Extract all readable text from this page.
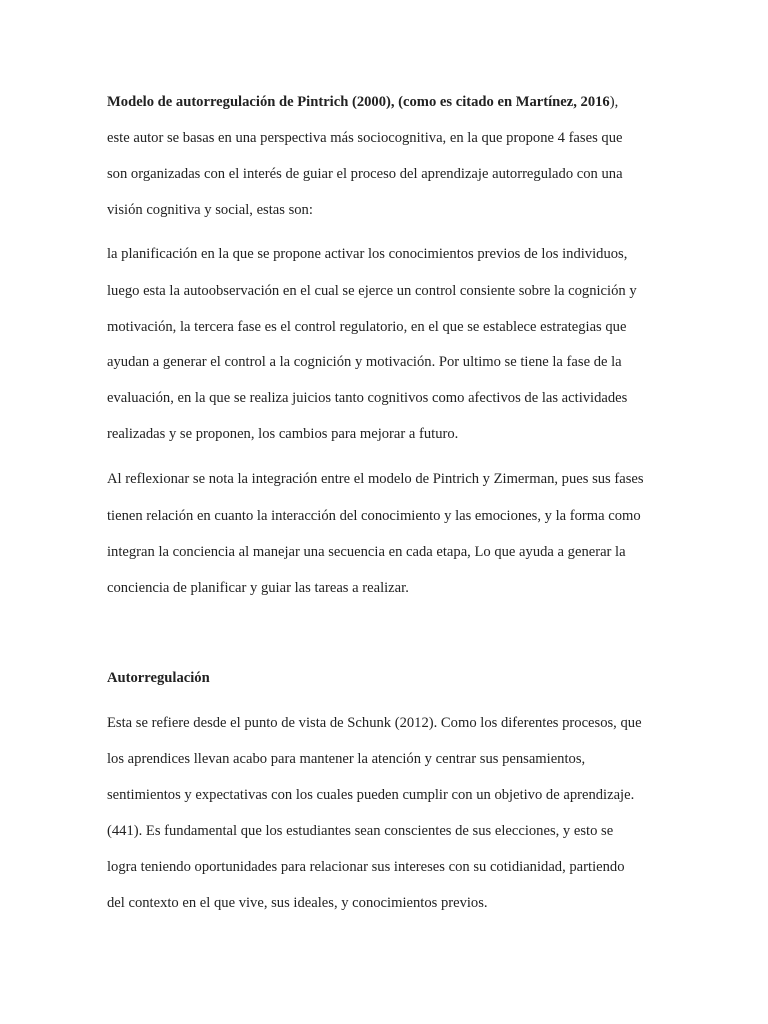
Modelo de autorregulación de Pintrich (2000), (como es citado en Martínez, 2016),
este autor se basas en una perspectiva más sociocognitiva, en la que propone 4 fases que
son organizadas con el interés de guiar el proceso del aprendizaje autorregulado con una
visión cognitiva y social, estas son:
la planificación en la que se propone activar los conocimientos previos de los individuos,
luego esta la autoobservación en el cual se ejerce un control consiente sobre la cognición y
motivación, la tercera fase es el control regulatorio, en el que se establece estrategias que
ayudan a generar el control a la cognición y motivación. Por ultimo se tiene la fase de la
evaluación, en la que se realiza juicios tanto cognitivos como afectivos de las actividades
realizadas y se proponen, los cambios para mejorar a futuro.
Al reflexionar se nota la integración entre el modelo de Pintrich y Zimerman, pues sus fases
tienen relación en cuanto la interacción del conocimiento y las emociones, y la forma como
integran la conciencia al manejar una secuencia en cada etapa, Lo que ayuda a generar la
conciencia de planificar y guiar las tareas a realizar.
Autorregulación
Esta se refiere desde el punto de vista de Schunk (2012). Como los diferentes procesos, que
los aprendices llevan acabo para mantener la atención y centrar sus pensamientos,
sentimientos y expectativas con los cuales pueden cumplir con un objetivo de aprendizaje.
(441). Es fundamental que los estudiantes sean conscientes de sus elecciones, y esto se
logra teniendo oportunidades para relacionar sus intereses con su cotidianidad, partiendo
del contexto en el que vive, sus ideales, y conocimientos previos.
